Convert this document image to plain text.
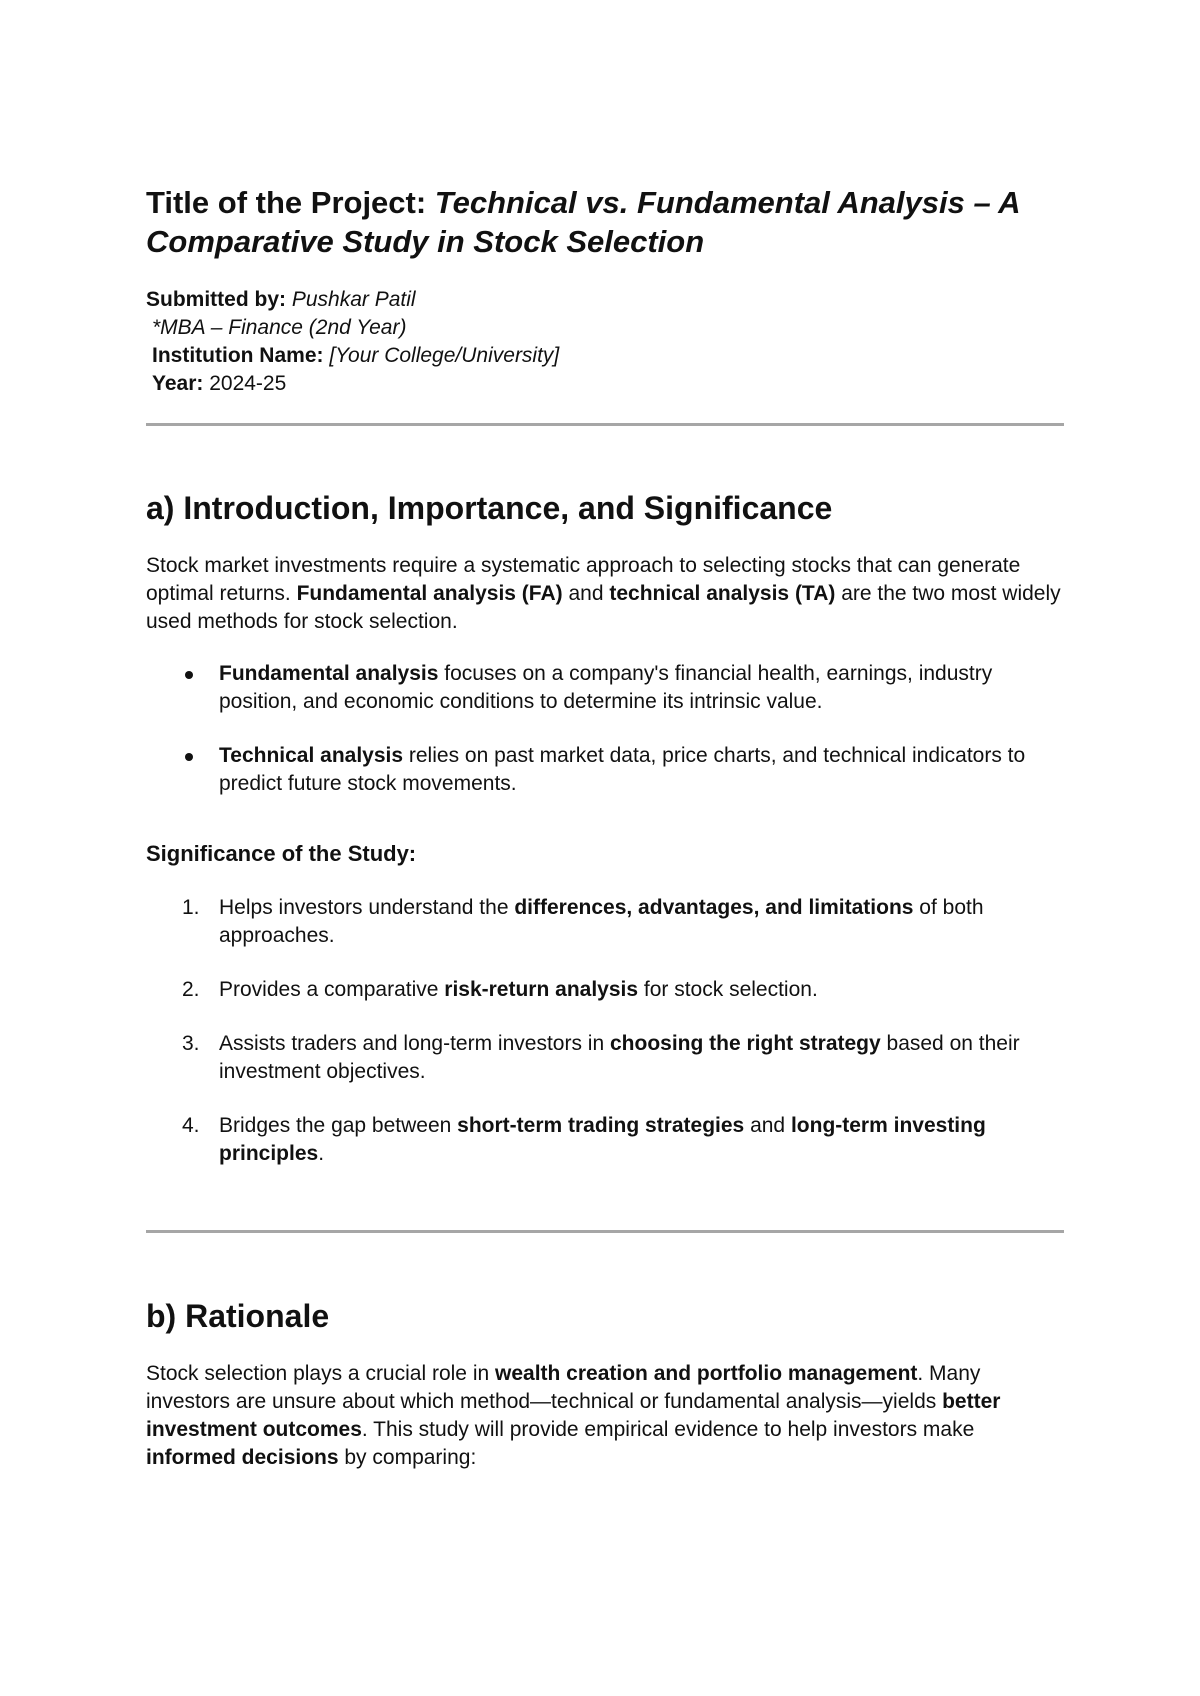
Title of the Project: Technical vs. Fundamental Analysis – A Comparative Study in Stock Selection
Submitted by: Pushkar Patil
*MBA – Finance (2nd Year)
Institution Name: [Your College/University]
Year: 2024-25
a) Introduction, Importance, and Significance

Stock market investments require a systematic approach to selecting stocks that can generate optimal returns. Fundamental analysis (FA) and technical analysis (TA) are the two most widely used methods for stock selection.

Fundamental analysis focuses on a company's financial health, earnings, industry position, and economic conditions to determine its intrinsic value.
Technical analysis relies on past market data, price charts, and technical indicators to predict future stock movements.
Significance of the Study:
1. Helps investors understand the differences, advantages, and limitations of both approaches.
2. Provides a comparative risk-return analysis for stock selection.
3. Assists traders and long-term investors in choosing the right strategy based on their investment objectives.
4. Bridges the gap between short-term trading strategies and long-term investing principles.
b) Rationale

Stock selection plays a crucial role in wealth creation and portfolio management. Many investors are unsure about which method—technical or fundamental analysis—yields better investment outcomes. This study will provide empirical evidence to help investors make informed decisions by comparing:
